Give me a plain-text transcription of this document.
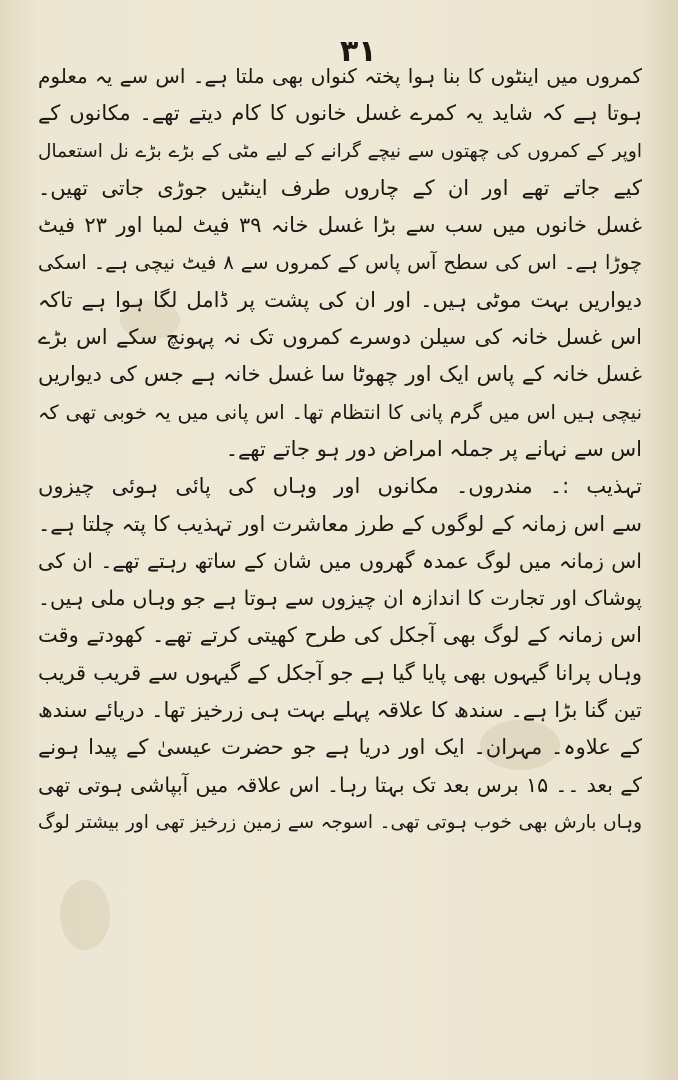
۳۱
کمروں میں اینٹوں کا بنا ہوا پختہ کنواں بھی ملتا ہے۔ اس سے یہ معلوم
ہوتا ہے کہ شاید یہ کمرے غسل خانوں کا کام دیتے تھے۔ مکانوں کے
اوپر کے کمروں کی چھتوں سے نیچے گرانے کے لیے مٹی کے بڑے بڑے نل استعمال
کیے جاتے تھے اور ان کے چاروں طرف اینٹیں جوڑی جاتی تھیں۔
غسل خانوں میں سب سے بڑا غسل خانہ ۳۹ فیٹ لمبا اور ۲۳ فیٹ
چوڑا ہے۔ اس کی سطح آس پاس کے کمروں سے ۸ فیٹ نیچی ہے۔ اسکی
دیواریں بہت موٹی ہیں۔ اور ان کی پشت پر ڈامل لگا ہوا ہے تاکہ
اس غسل خانہ کی سیلن دوسرے کمروں تک نہ پہونچ سکے اس بڑے
غسل خانہ کے پاس ایک اور چھوٹا سا غسل خانہ ہے جس کی دیواریں
نیچی ہیں اس میں گرم پانی کا انتظام تھا۔ اس پانی میں یہ خوبی تھی کہ
اس سے نہانے پر جملہ امراض دور ہو جاتے تھے۔
تہذیب :۔ مندروں۔ مکانوں اور وہاں کی پائی ہوئی چیزوں
سے اس زمانہ کے لوگوں کے طرز معاشرت اور تہذیب کا پتہ چلتا ہے۔
اس زمانہ میں لوگ عمدہ گھروں میں شان کے ساتھ رہتے تھے۔ ان کی
پوشاک اور تجارت کا اندازہ ان چیزوں سے ہوتا ہے جو وہاں ملی ہیں۔
اس زمانہ کے لوگ بھی آجکل کی طرح کھیتی کرتے تھے۔ کھودتے وقت
وہاں پرانا گیہوں بھی پایا گیا ہے جو آجکل کے گیہوں سے قریب قریب
تین گنا بڑا ہے۔ سندھ کا علاقہ پہلے بہت ہی زرخیز تھا۔ دریائے سندھ
کے علاوہ۔ مہران۔ ایک اور دریا ہے جو حضرت عیسیٰ کے پیدا ہونے
کے بعد ۔۔ ۱۵ برس بعد تک بہتا رہا۔ اس علاقہ میں آبپاشی ہوتی تھی
وہاں بارش بھی خوب ہوتی تھی۔ اسوجہ سے زمین زرخیز تھی اور بیشتر لوگ
